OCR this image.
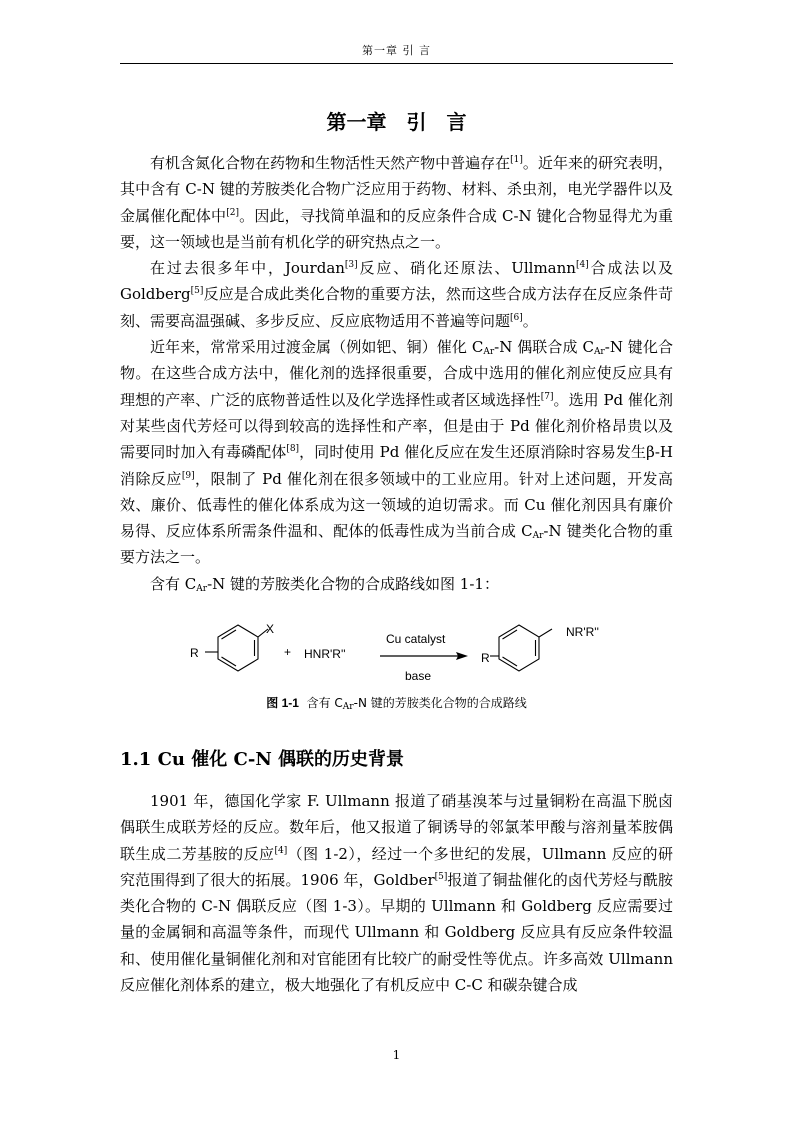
第一章 引 言
第一章　引　言

有机含氮化合物在药物和生物活性天然产物中普遍存在[1]。近年来的研究表明，其中含有 C-N 键的芳胺类化合物广泛应用于药物、材料、杀虫剂，电光学器件以及金属催化配体中[2]。因此，寻找简单温和的反应条件合成 C-N 键化合物显得尤为重要，这一领域也是当前有机化学的研究热点之一。

在过去很多年中，Jourdan[3]反应、硝化还原法、Ullmann[4]合成法以及 Goldberg[5]反应是合成此类化合物的重要方法，然而这些合成方法存在反应条件苛刻、需要高温强碱、多步反应、反应底物适用不普遍等问题[6]。

近年来，常常采用过渡金属（例如钯、铜）催化 $C_{Ar}-N$ 偶联合成 $C_{Ar}-N$ 键化合物。在这些合成方法中，催化剂的选择很重要，合成中选用的催化剂应使反应具有理想的产率、广泛的底物普适性以及化学选择性或者区域选择性[7]。选用 Pd 催化剂对某些卤代芳烃可以得到较高的选择性和产率，但是由于 Pd 催化剂价格昂贵以及需要同时加入有毒磷配体[8]，同时使用 Pd 催化反应在发生还原消除时容易发生β-H 消除反应[9]，限制了 Pd 催化剂在很多领域中的工业应用。针对上述问题，开发高效、廉价、低毒性的催化体系成为这一领域的迫切需求。而 Cu 催化剂因具有廉价易得、反应体系所需条件温和、配体的低毒性成为当前合成 $C_{Ar}-N$ 键类化合物的重要方法之一。

含有 $C_{Ar}-N$ 键的芳胺类化合物的合成路线如图 1-1：

X
R	+ HNR'R''
Cu catalyst
base
NR'R''
R
图 1-1 含有 $C_{Ar}-N$ 键的芳胺类化合物的合成路线
1.1 Cu 催化 C-N 偶联的历史背景

1901 年，德国化学家 F. Ullmann 报道了硝基溴苯与过量铜粉在高温下脱卤偶联生成联芳烃的反应。数年后，他又报道了铜诱导的邻氯苯甲酸与溶剂量苯胺偶联生成二芳基胺的反应[4]（图 1-2），经过一个多世纪的发展，Ullmann 反应的研究范围得到了很大的拓展。1906 年，Goldber[5]报道了铜盐催化的卤代芳烃与酰胺类化合物的 C-N 偶联反应（图 1-3）。早期的 Ullmann 和 Goldberg 反应需要过量的金属铜和高温等条件，而现代 Ullmann 和 Goldberg 反应具有反应条件较温和、使用催化量铜催化剂和对官能团有比较广的耐受性等优点。许多高效 Ullmann 反应催化剂体系的建立，极大地强化了有机反应中 C-C 和碳杂键合成

1
